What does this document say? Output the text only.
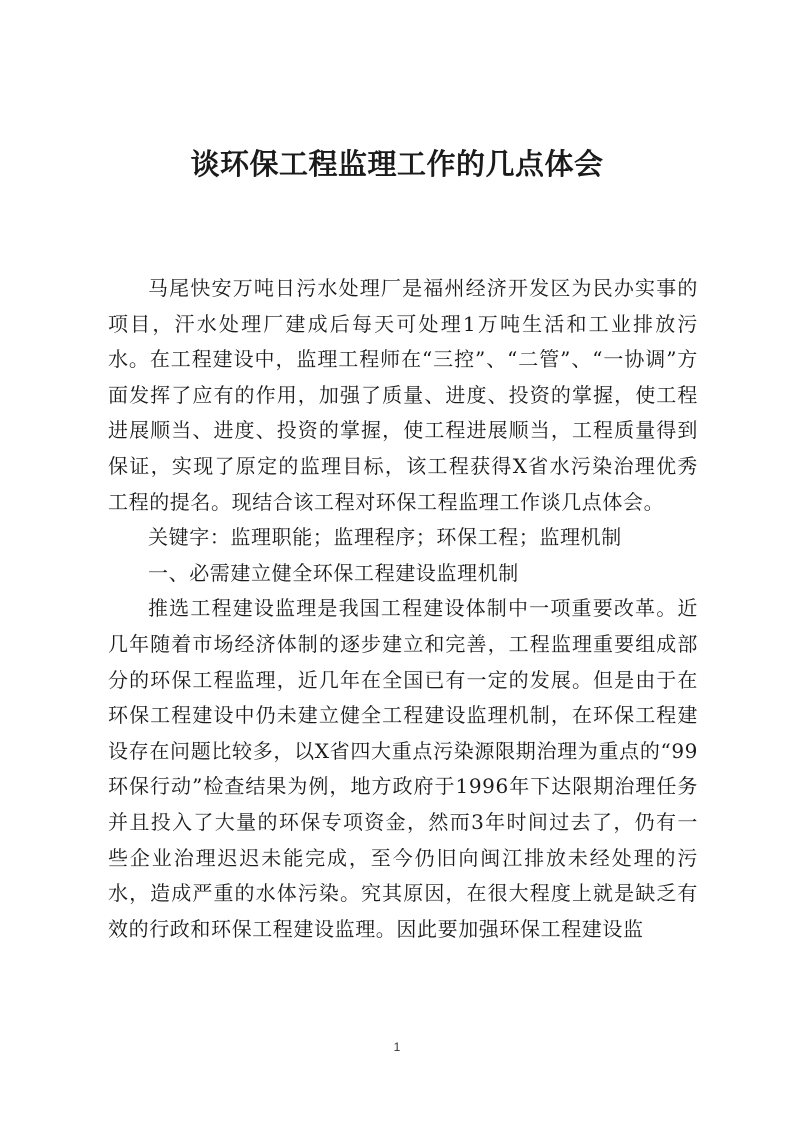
谈环保工程监理工作的几点体会

马尾快安万吨日污水处理厂是福州经济开发区为民办实事的项目，汗水处理厂建成后每天可处理1万吨生活和工业排放污水。在工程建设中，监理工程师在“三控”、“二管”、“一协调”方面发挥了应有的作用，加强了质量、进度、投资的掌握，使工程进展顺当、进度、投资的掌握，使工程进展顺当，工程质量得到保证，实现了原定的监理目标，该工程获得X省水污染治理优秀工程的提名。现结合该工程对环保工程监理工作谈几点体会。

关键字：监理职能；监理程序；环保工程；监理机制

一、必需建立健全环保工程建设监理机制

推选工程建设监理是我国工程建设体制中一项重要改革。近几年随着市场经济体制的逐步建立和完善，工程监理重要组成部分的环保工程监理，近几年在全国已有一定的发展。但是由于在环保工程建设中仍未建立健全工程建设监理机制，在环保工程建设存在问题比较多，以X省四大重点污染源限期治理为重点的“99环保行动”检查结果为例，地方政府于1996年下达限期治理任务并且投入了大量的环保专项资金，然而3年时间过去了，仍有一些企业治理迟迟未能完成，至今仍旧向闽江排放未经处理的污水，造成严重的水体污染。究其原因，在很大程度上就是缺乏有效的行政和环保工程建设监理。因此要加强环保工程建设监

1
